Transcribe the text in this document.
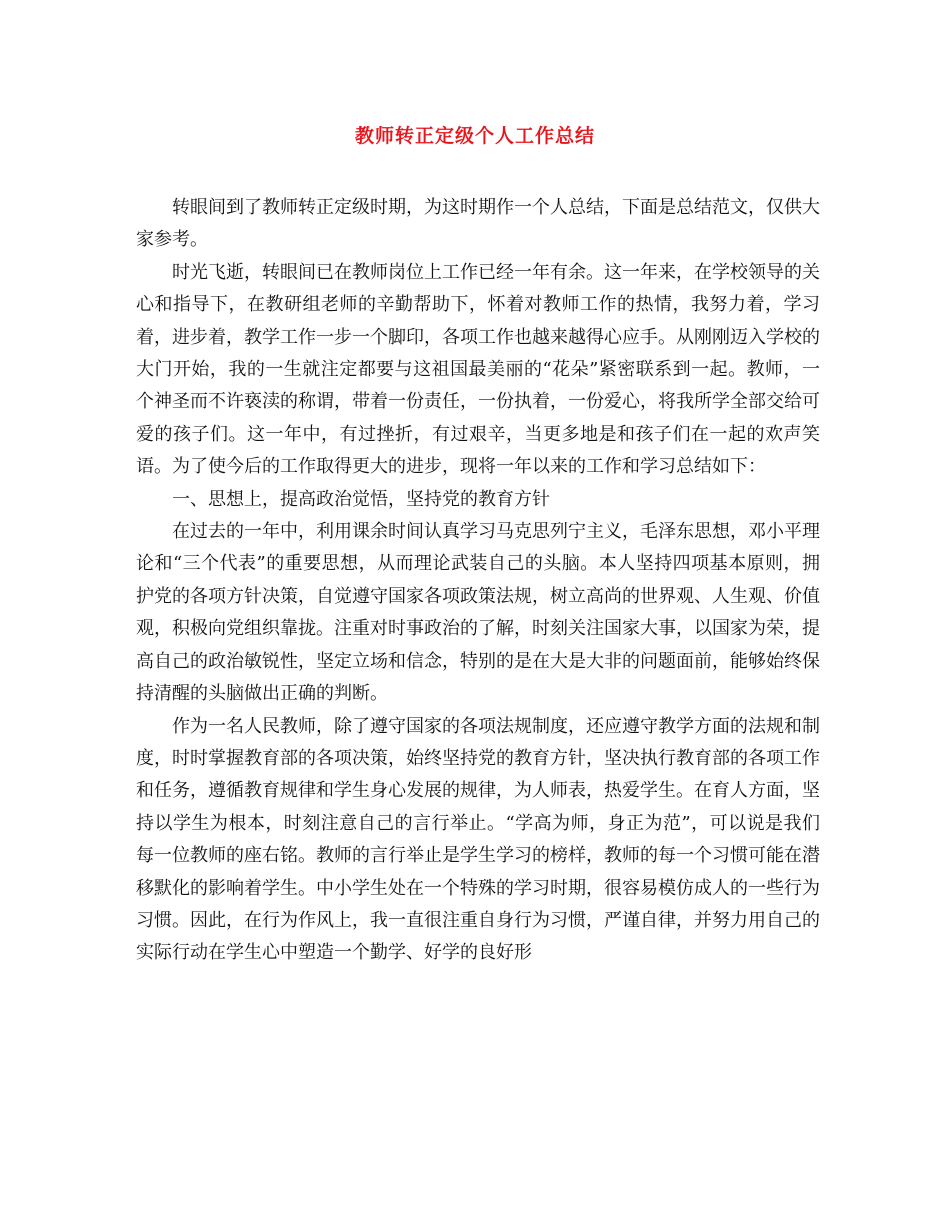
教师转正定级个人工作总结

转眼间到了教师转正定级时期，为这时期作一个人总结，下面是总结范文，仅供大家参考。

时光飞逝，转眼间已在教师岗位上工作已经一年有余。这一年来，在学校领导的关心和指导下，在教研组老师的辛勤帮助下，怀着对教师工作的热情，我努力着，学习着，进步着，教学工作一步一个脚印，各项工作也越来越得心应手。从刚刚迈入学校的大门开始，我的一生就注定都要与这祖国最美丽的“花朵”紧密联系到一起。教师，一个神圣而不许亵渎的称谓，带着一份责任，一份执着，一份爱心，将我所学全部交给可爱的孩子们。这一年中，有过挫折，有过艰辛，当更多地是和孩子们在一起的欢声笑语。为了使今后的工作取得更大的进步，现将一年以来的工作和学习总结如下：

一、思想上，提高政治觉悟，坚持党的教育方针

在过去的一年中，利用课余时间认真学习马克思列宁主义，毛泽东思想，邓小平理论和“三个代表”的重要思想，从而理论武装自己的头脑。本人坚持四项基本原则，拥护党的各项方针决策，自觉遵守国家各项政策法规，树立高尚的世界观、人生观、价值观，积极向党组织靠拢。注重对时事政治的了解，时刻关注国家大事，以国家为荣，提高自己的政治敏锐性，坚定立场和信念，特别的是在大是大非的问题面前，能够始终保持清醒的头脑做出正确的判断。

作为一名人民教师，除了遵守国家的各项法规制度，还应遵守教学方面的法规和制度，时时掌握教育部的各项决策，始终坚持党的教育方针，坚决执行教育部的各项工作和任务，遵循教育规律和学生身心发展的规律，为人师表，热爱学生。在育人方面，坚持以学生为根本，时刻注意自己的言行举止。“学高为师，身正为范”，可以说是我们每一位教师的座右铭。教师的言行举止是学生学习的榜样，教师的每一个习惯可能在潜移默化的影响着学生。中小学生处在一个特殊的学习时期，很容易模仿成人的一些行为习惯。因此，在行为作风上，我一直很注重自身行为习惯，严谨自律，并努力用自己的实际行动在学生心中塑造一个勤学、好学的良好形
